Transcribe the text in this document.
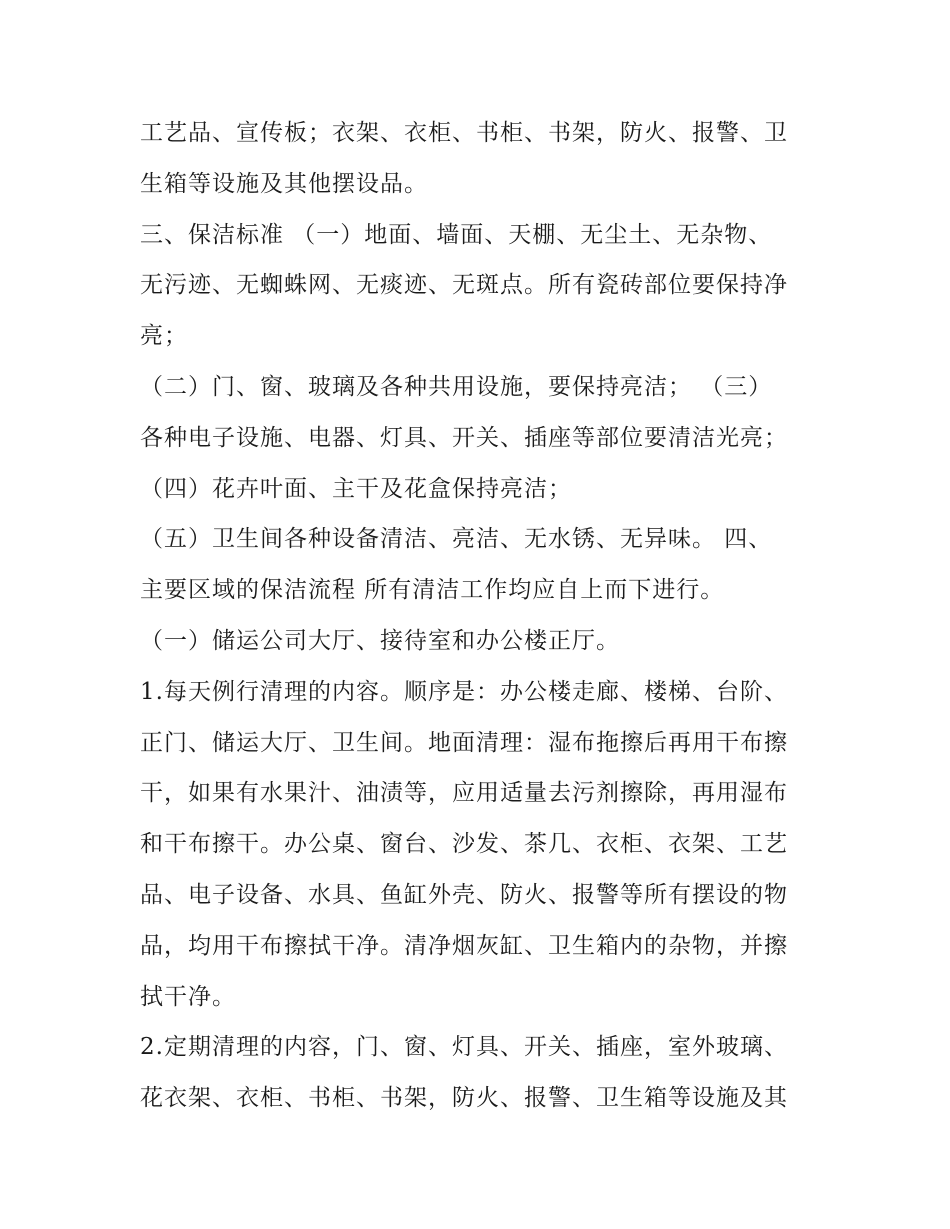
工艺品、宣传板；衣架、衣柜、书柜、书架，防火、报警、卫
生箱等设施及其他摆设品。
三、保洁标准 （一）地面、墙面、天棚、无尘土、无杂物、
无污迹、无蜘蛛网、无痰迹、无斑点。所有瓷砖部位要保持净
亮；
（二）门、窗、玻璃及各种共用设施，要保持亮洁； （三）
各种电子设施、电器、灯具、开关、插座等部位要清洁光亮；
（四）花卉叶面、主干及花盒保持亮洁；
（五）卫生间各种设备清洁、亮洁、无水锈、无异味。 四、
主要区域的保洁流程 所有清洁工作均应自上而下进行。
（一）储运公司大厅、接待室和办公楼正厅。
1.每天例行清理的内容。顺序是：办公楼走廊、楼梯、台阶、
正门、储运大厅、卫生间。地面清理：湿布拖擦后再用干布擦
干，如果有水果汁、油渍等，应用适量去污剂擦除，再用湿布
和干布擦干。办公桌、窗台、沙发、茶几、衣柜、衣架、工艺
品、电子设备、水具、鱼缸外壳、防火、报警等所有摆设的物
品，均用干布擦拭干净。清净烟灰缸、卫生箱内的杂物，并擦
拭干净。
2.定期清理的内容，门、窗、灯具、开关、插座，室外玻璃、
花衣架、衣柜、书柜、书架，防火、报警、卫生箱等设施及其
